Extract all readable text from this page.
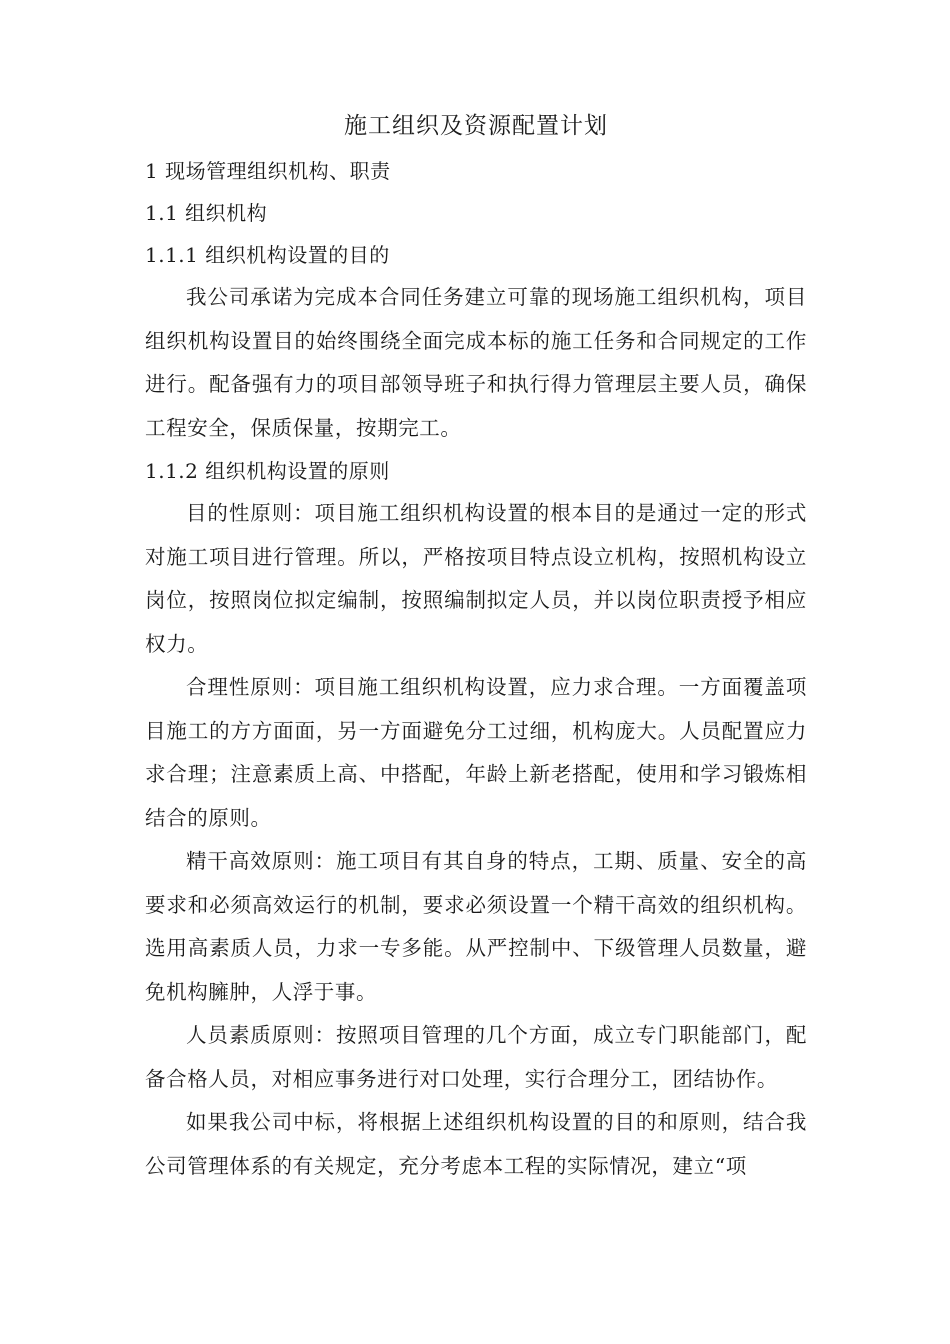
施工组织及资源配置计划

1 现场管理组织机构、职责

1.1 组织机构

1.1.1 组织机构设置的目的

我公司承诺为完成本合同任务建立可靠的现场施工组织机构，项目组织机构设置目的始终围绕全面完成本标的施工任务和合同规定的工作进行。配备强有力的项目部领导班子和执行得力管理层主要人员，确保工程安全，保质保量，按期完工。

1.1.2 组织机构设置的原则

目的性原则：项目施工组织机构设置的根本目的是通过一定的形式对施工项目进行管理。所以，严格按项目特点设立机构，按照机构设立岗位，按照岗位拟定编制，按照编制拟定人员，并以岗位职责授予相应权力。

合理性原则：项目施工组织机构设置，应力求合理。一方面覆盖项目施工的方方面面，另一方面避免分工过细，机构庞大。人员配置应力求合理；注意素质上高、中搭配，年龄上新老搭配，使用和学习锻炼相结合的原则。

精干高效原则：施工项目有其自身的特点，工期、质量、安全的高要求和必须高效运行的机制，要求必须设置一个精干高效的组织机构。选用高素质人员，力求一专多能。从严控制中、下级管理人员数量，避免机构臃肿，人浮于事。

人员素质原则：按照项目管理的几个方面，成立专门职能部门，配备合格人员，对相应事务进行对口处理，实行合理分工，团结协作。

如果我公司中标，将根据上述组织机构设置的目的和原则，结合我公司管理体系的有关规定，充分考虑本工程的实际情况，建立“项
